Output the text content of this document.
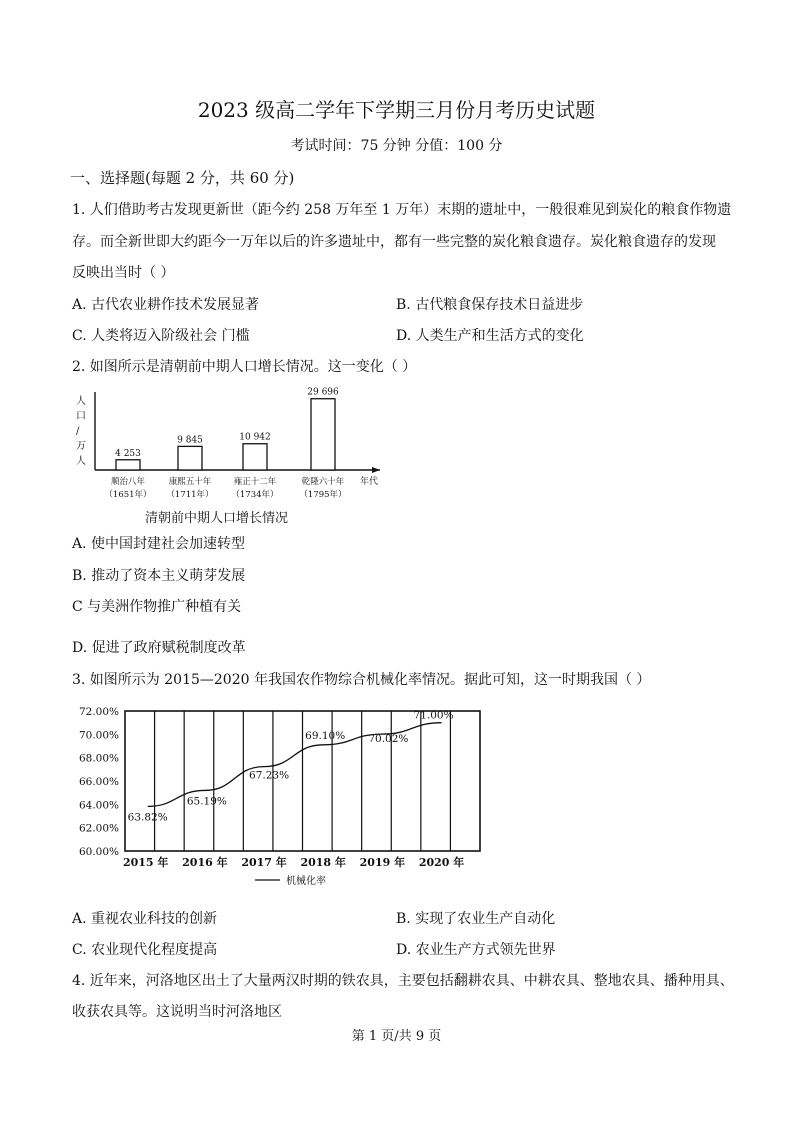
2023 级高二学年下学期三月份月考历史试题
考试时间：75 分钟 分值：100 分
一、选择题(每题 2 分，共 60 分)
1. 人们借助考古发现更新世（距今约 258 万年至 1 万年）末期的遗址中，一般很难见到炭化的粮食作物遗
存。而全新世即大约距今一万年以后的许多遗址中，都有一些完整的炭化粮食遗存。炭化粮食遗存的发现
反映出当时（ ）
A. 古代农业耕作技术发展显著	B. 古代粮食保存技术日益进步
C. 人类将迈入阶级社会 门槛	D. 人类生产和生活方式的变化
2. 如图所示是清朝前中期人口增长情况。这一变化（ ）
人
口
/
万
人
年代
4 253
顺治八年
（1651年）
9 845
康熙五十年
（1711年）
10 942
雍正十二年
（1734年）
29 696
乾隆六十年
（1795年）
清朝前中期人口增长情况
A. 使中国封建社会加速转型
B. 推动了资本主义萌芽发展
C 与美洲作物推广种植有关
D. 促进了政府赋税制度改革
3. 如图所示为 2015—2020 年我国农作物综合机械化率情况。据此可知，这一时期我国（ ）
72.00%
70.00%
68.00%
66.00%
64.00%
62.00%
60.00%
2015 年 2016 年 2017 年 2018 年 2019 年 2020 年
63.82%
65.19%
67.23%
69.10% 70.02%
71.00%
机械化率
A. 重视农业科技的创新	B. 实现了农业生产自动化
C. 农业现代化程度提高	D. 农业生产方式领先世界
4. 近年来，河洛地区出土了大量两汉时期的铁农具，主要包括翻耕农具、中耕农具、整地农具、播种用具、
收获农具等。这说明当时河洛地区
第 1 页/共 9 页
